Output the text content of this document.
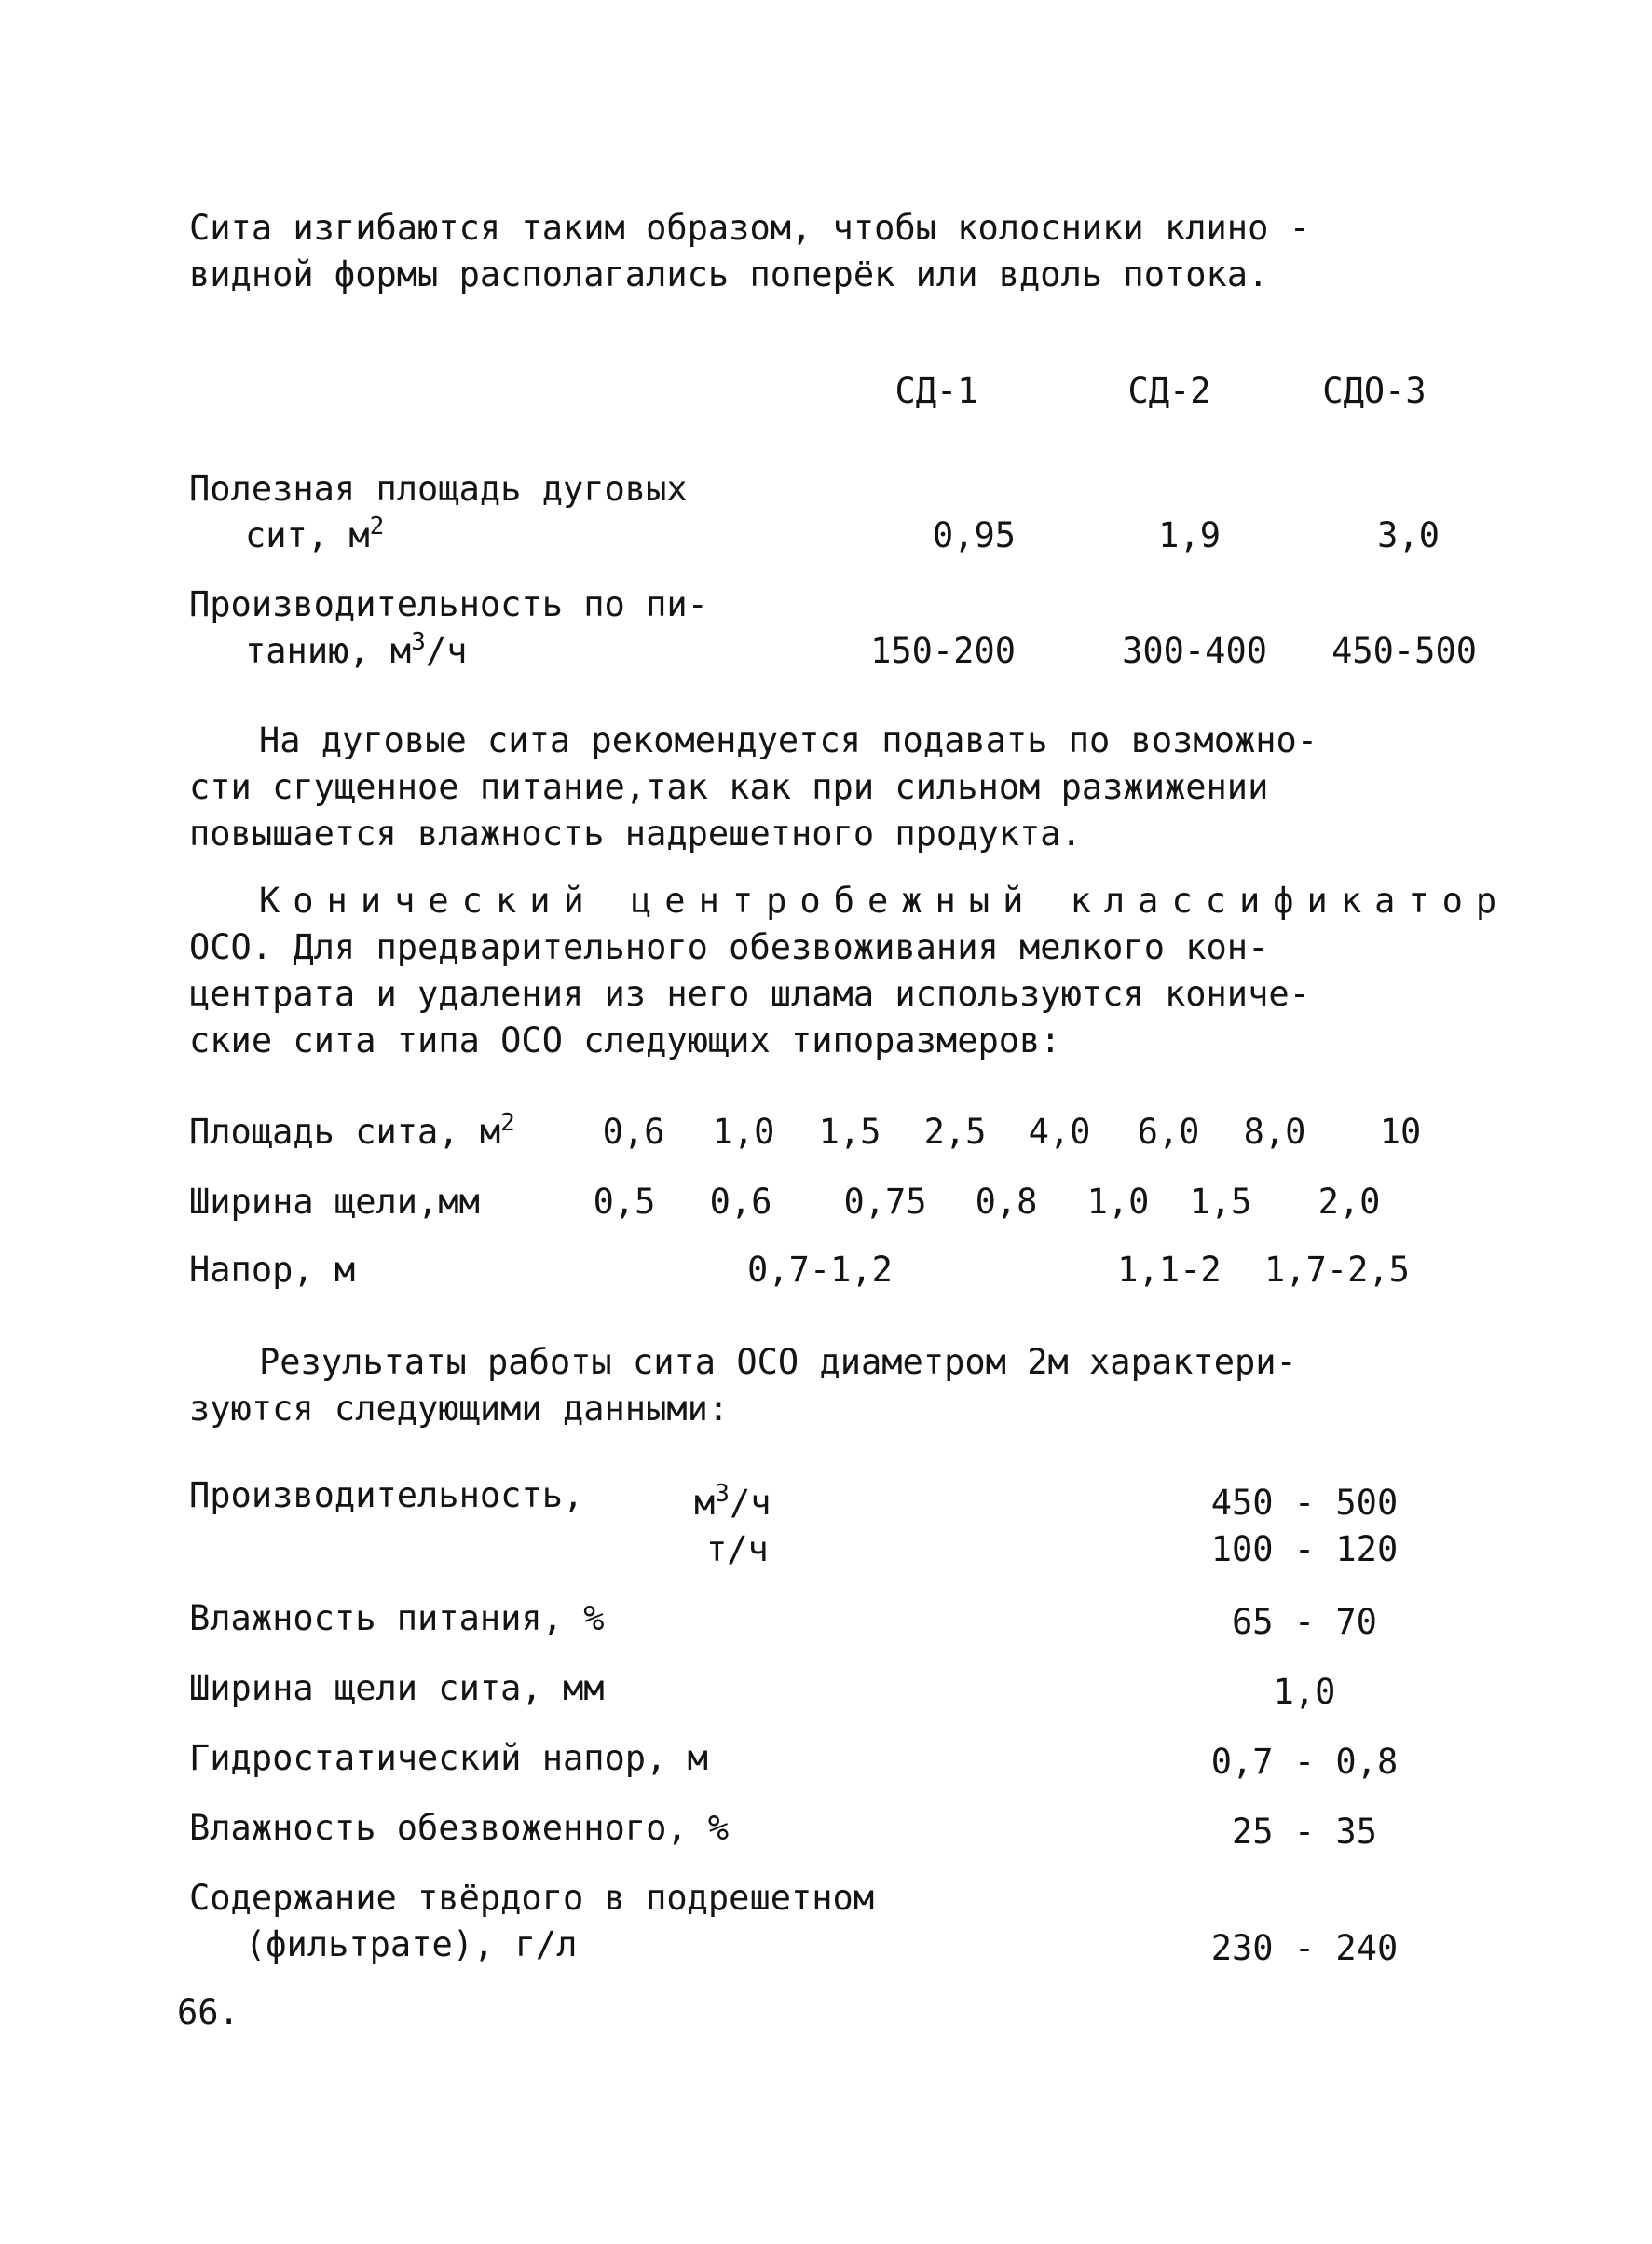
Сита изгибаются таким образом, чтобы колосники клино -
видной формы располагались поперёк или вдоль потока.
СД-1	СД-2	СДО-3
Полезная площадь дуговых
сит, $м^2$	0,95	1,9	3,0
Производительность по пи-
танию, $м^3/ч$	150-200	300-400	450-500
На дуговые сита рекомендуется подавать по возможно-
сти сгущенное питание,так как при сильном разжижении
повышается влажность надрешетного продукта.
Конический центробежный классификатор
ОСО. Для предварительного обезвоживания мелкого кон-
центрата и удаления из него шлама используются кониче-
ские сита типа ОСО следующих типоразмеров:
Площадь сита, $м^2$	0,6 1,0 1,5 2,5 4,0 6,0 8,0	10
Ширина щели,мм	0,5 0,6 0,75 0,8 1,0 1,5 2,0
Напор, м	0,7-1,2	1,1-2 1,7-2,5
Результаты работы сита ОСО диаметром 2м характери-
зуются следующими данными:
Производительность,	$м^3/ч$	450 - 500
т/ч	100 - 120
Влажность питания, %	65 - 70
Ширина щели сита, мм	1,0
Гидростатический напор, м	0,7 - 0,8
Влажность обезвоженного, %	25 - 35
Содержание твёрдого в подрешетном
(фильтрате), г/л	230 - 240
66.
